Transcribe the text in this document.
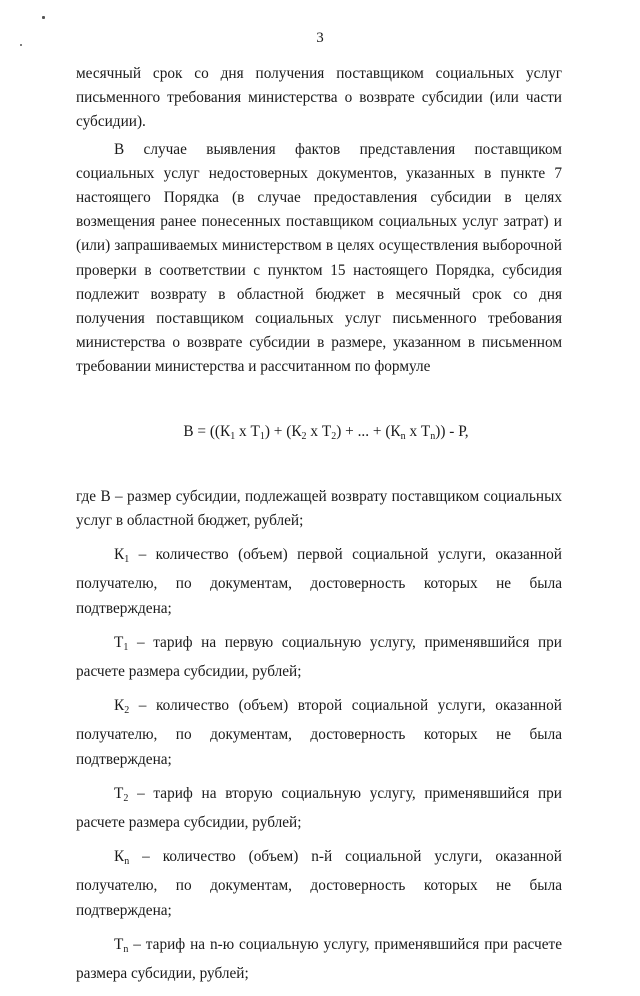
3

месячный срок со дня получения поставщиком социальных услуг письменного требования министерства о возврате субсидии (или части субсидии).

В случае выявления фактов представления поставщиком социальных услуг недостоверных документов, указанных в пункте 7 настоящего Порядка (в случае предоставления субсидии в целях возмещения ранее понесенных поставщиком социальных услуг затрат) и (или) запрашиваемых министерством в целях осуществления выборочной проверки в соответствии с пунктом 15 настоящего Порядка, субсидия подлежит возврату в областной бюджет в месячный срок со дня получения поставщиком социальных услуг письменного требования министерства о возврате субсидии в размере, указанном в письменном требовании министерства и рассчитанном по формуле

$В = ((К_1$ х $Т_1) + (К_2$ х $Т_2$) + ... + ($К_n$ х $Т_n$)) - Р,

где В – размер субсидии, подлежащей возврату поставщиком социальных услуг в областной бюджет, рублей;

$К_1$ – количество (объем) первой социальной услуги, оказанной получателю, по документам, достоверность которых не была подтверждена;

$Т_1$ – тариф на первую социальную услугу, применявшийся при расчете размера субсидии, рублей;

$К_2$ – количество (объем) второй социальной услуги, оказанной получателю, по документам, достоверность которых не была подтверждена;

$Т_2$ – тариф на вторую социальную услугу, применявшийся при расчете размера субсидии, рублей;

$К_n$ – количество (объем) n-й социальной услуги, оказанной получателю, по документам, достоверность которых не была подтверждена;

$Т_n$ – тариф на n-ю социальную услугу, применявшийся при расчете размера субсидии, рублей;
